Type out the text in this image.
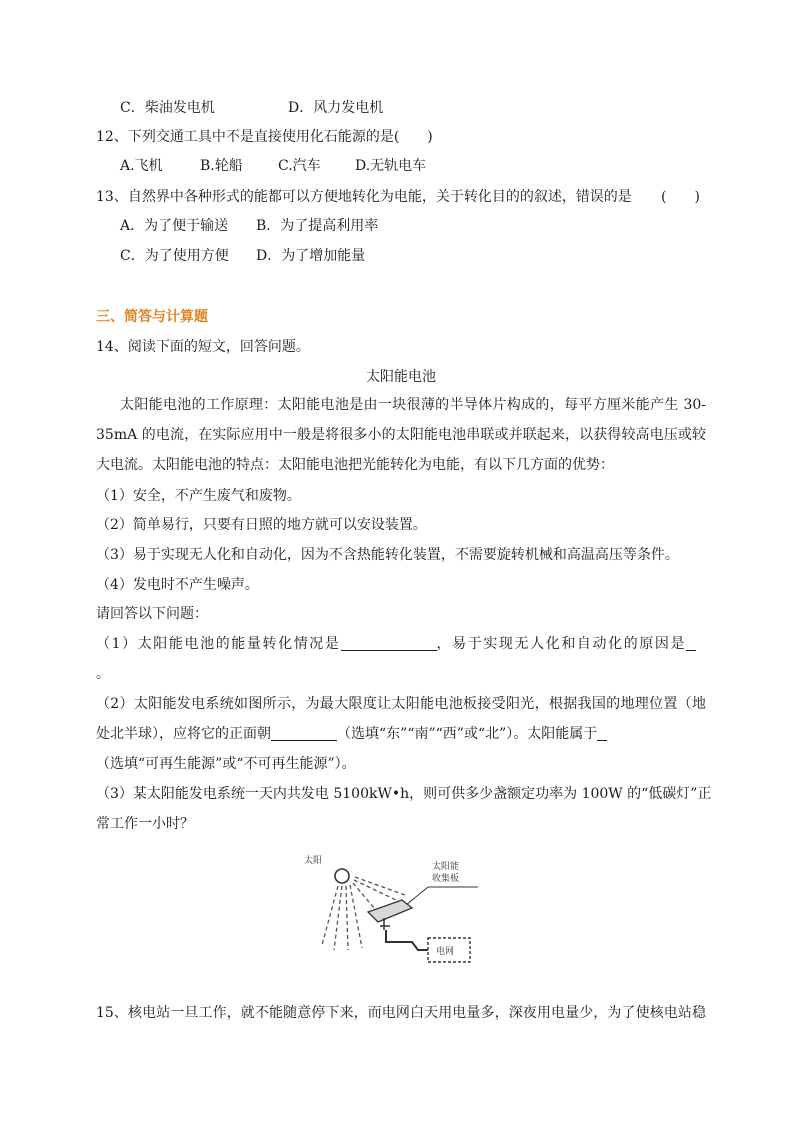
C．柴油发电机	D．风力发电机
12、下列交通工具中不是直接使用化石能源的是(　　)
A.飞机	B.轮船	C.汽车 D.无轨电车
13、自然界中各种形式的能都可以方便地转化为电能，关于转化目的的叙述，错误的是 (　　)
A．为了便于输送 B．为了提高利用率
C．为了使用方便 D．为了增加能量
三、简答与计算题
14、阅读下面的短文，回答问题。
太阳能电池
太阳能电池的工作原理：太阳能电池是由一块很薄的半导体片构成的，每平方厘米能产生 30-
35mA 的电流，在实际应用中一般是将很多小的太阳能电池串联或并联起来，以获得较高电压或较
大电流。太阳能电池的特点：太阳能电池把光能转化为电能，有以下几方面的优势：
（1）安全，不产生废气和废物。
（2）简单易行，只要有日照的地方就可以安设装置。
（3）易于实现无人化和自动化，因为不含热能转化装置，不需要旋转机械和高温高压等条件。
（4）发电时不产生噪声。
请回答以下问题：
（1）太阳能电池的能量转化情况是	，易于实现无人化和自动化的原因是
。
（2）太阳能发电系统如图所示，为最大限度让太阳能电池板接受阳光，根据我国的地理位置（地
处北半球），应将它的正面朝	（选填“东”“南”“西”或“北”）。太阳能属于
（选填“可再生能源”或“不可再生能源”）。
（3）某太阳能发电系统一天内共发电 5100kW•h，则可供多少盏额定功率为 100W 的“低碳灯”正
常工作一小时？
太阳
太阳能
收集板
电网
15、核电站一旦工作，就不能随意停下来，而电网白天用电量多，深夜用电量少，为了使核电站稳
